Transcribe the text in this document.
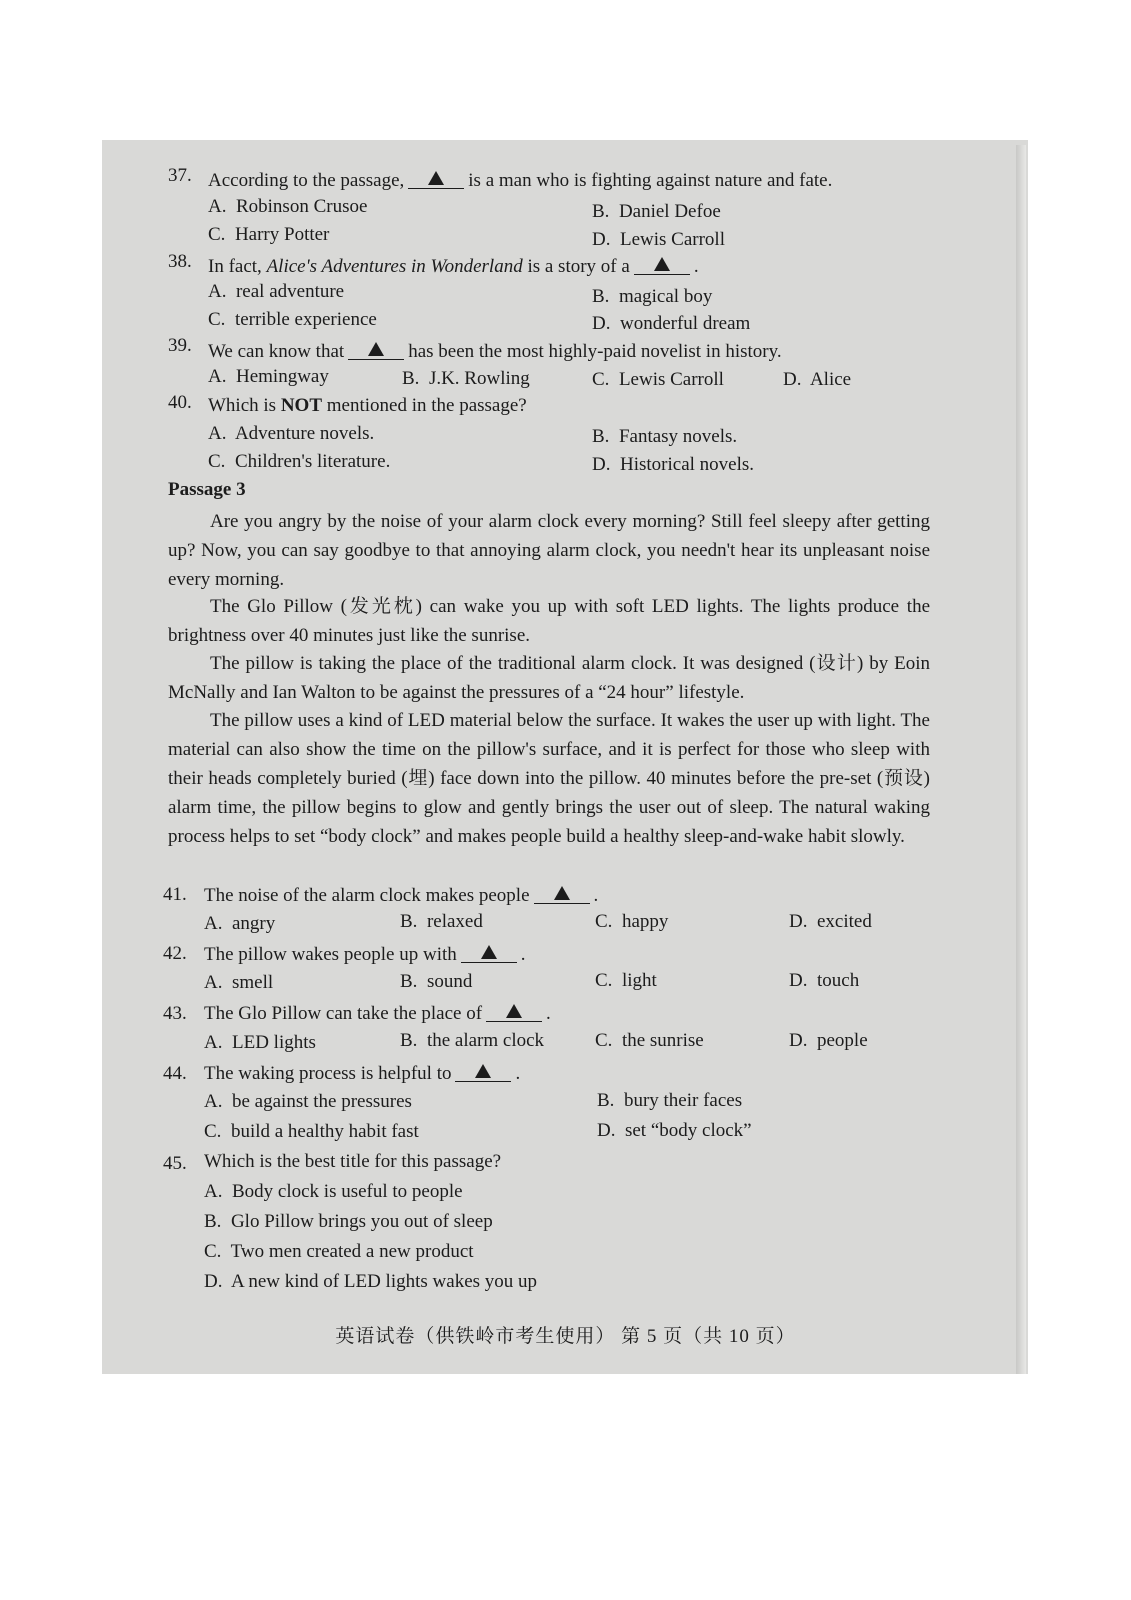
37. According to the passage,	is a man who is fighting against nature and fate.
A. Robinson Crusoe	B. Daniel Defoe
C. Harry Potter	D. Lewis Carroll
38. In fact, Alice's Adventures in Wonderland is a story of a	.
A. real adventure	B. magical boy
C. terrible experience	D. wonderful dream
39. We can know that	has been the most highly-paid novelist in history.
A. Hemingway	B. J.K. Rowling	C. Lewis Carroll	D. Alice
40. Which is NOT mentioned in the passage?
A. Adventure novels.	B. Fantasy novels.
C. Children's literature.	D. Historical novels.
Passage 3
Are you angry by the noise of your alarm clock every morning? Still feel sleepy after getting up? Now, you can say goodbye to that annoying alarm clock, you needn't hear its unpleasant noise every morning.
The Glo Pillow (发光枕) can wake you up with soft LED lights. The lights produce the brightness over 40 minutes just like the sunrise.
The pillow is taking the place of the traditional alarm clock. It was designed (设计) by Eoin McNally and Ian Walton to be against the pressures of a “24 hour” lifestyle.
The pillow uses a kind of LED material below the surface. It wakes the user up with light. The material can also show the time on the pillow's surface, and it is perfect for those who sleep with their heads completely buried (埋) face down into the pillow. 40 minutes before the pre-set (预设) alarm time, the pillow begins to glow and gently brings the user out of sleep. The natural waking process helps to set “body clock” and makes people build a healthy sleep-and-wake habit slowly.
41. The noise of the alarm clock makes people	.
A. angry	B. relaxed	C. happy	D. excited
42. The pillow wakes people up with	.
A. smell	B. sound	C. light	D. touch
43. The Glo Pillow can take the place of	.
A. LED lights	B. the alarm clock	C. the sunrise	D. people
44. The waking process is helpful to	.
A. be against the pressures	B. bury their faces
C. build a healthy habit fast	D. set “body clock”
45. Which is the best title for this passage?
A. Body clock is useful to people
B. Glo Pillow brings you out of sleep
C. Two men created a new product
D. A new kind of LED lights wakes you up
英语试卷（供铁岭市考生使用） 第 5 页（共 10 页）
